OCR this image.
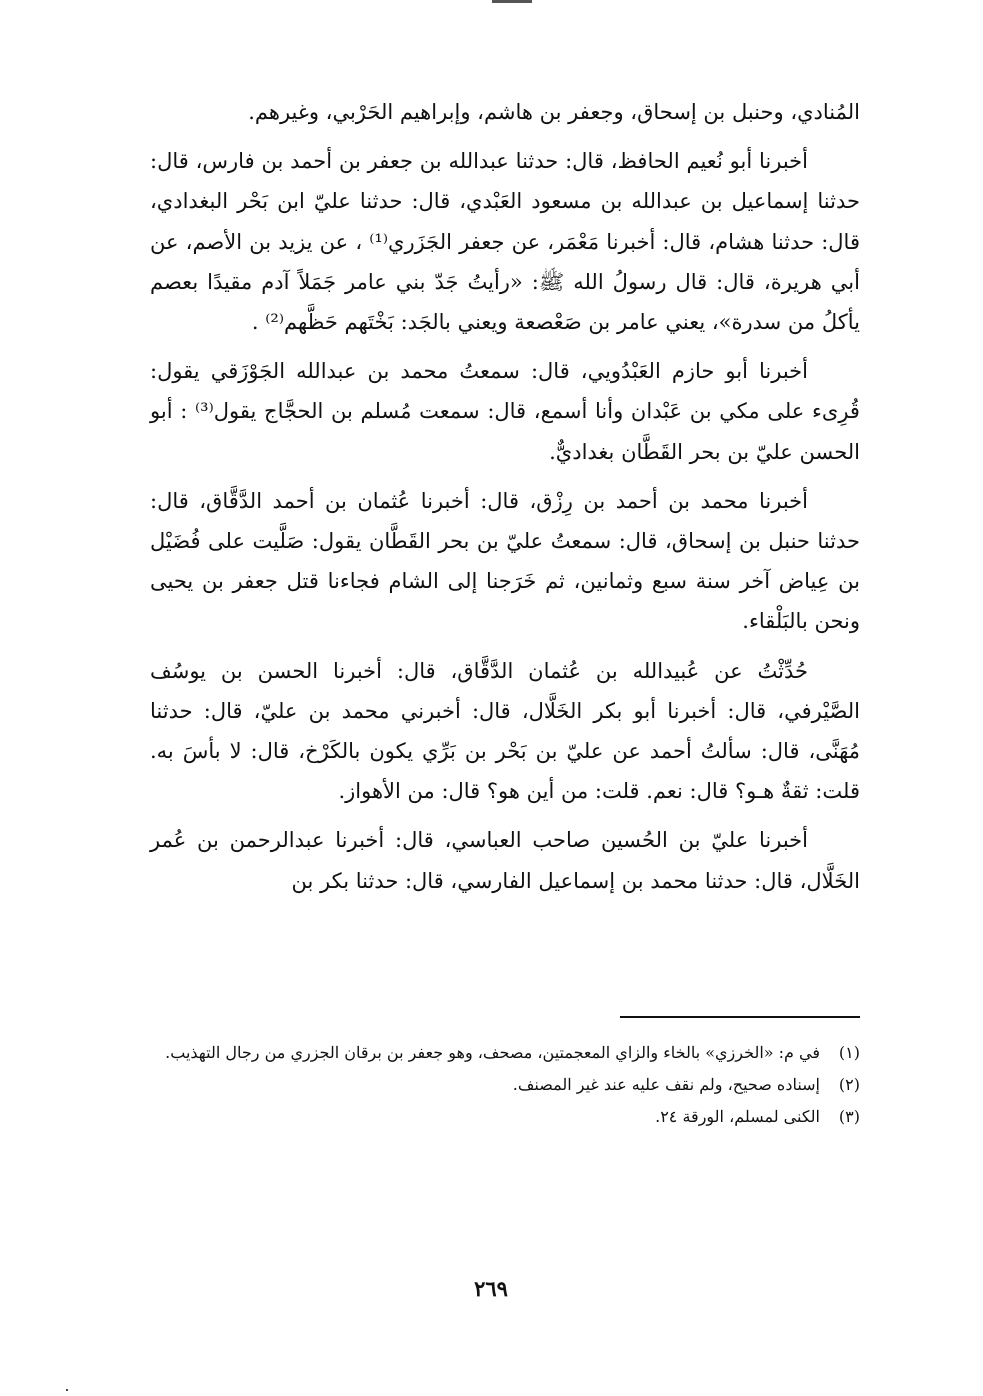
المُنادي، وحنبل بن إسحاق، وجعفر بن هاشم، وإبراهيم الحَرْبي، وغيرهم.

أخبرنا أبو نُعيم الحافظ، قال: حدثنا عبدالله بن جعفر بن أحمد بن فارس، قال: حدثنا إسماعيل بن عبدالله بن مسعود العَبْدي، قال: حدثنا عليّ ابن بَحْر البغدادي، قال: حدثنا هشام، قال: أخبرنا مَعْمَر، عن جعفر الجَزَري⁽¹⁾ ، عن يزيد بن الأصم، عن أبي هريرة، قال: قال رسولُ الله ﷺ: «رأيتُ جَدّ بني عامر جَمَلاً آدم مقيدًا بعصم يأكلُ من سدرة»، يعني عامر بن صَعْصعة ويعني بالجَد: بَخْتَهم حَظَّهم⁽²⁾ .

أخبرنا أبو حازم العَبْدُويي، قال: سمعتُ محمد بن عبدالله الجَوْزَقي يقول: قُرِىء على مكي بن عَبْدان وأنا أسمع، قال: سمعت مُسلم بن الحجَّاج يقول⁽³⁾ : أبو الحسن عليّ بن بحر القَطَّان بغداديٌّ.

أخبرنا محمد بن أحمد بن رِزْق، قال: أخبرنا عُثمان بن أحمد الدَّقَّاق، قال: حدثنا حنبل بن إسحاق، قال: سمعتُ عليّ بن بحر القَطَّان يقول: صَلَّيت على فُضَيْل بن عِياض آخر سنة سبع وثمانين، ثم خَرَجنا إلى الشام فجاءنا قتل جعفر بن يحيى ونحن بالبَلْقاء.

حُدِّثْتُ عن عُبيدالله بن عُثمان الدَّقَّاق، قال: أخبرنا الحسن بن يوسُف الصَّيْرفي، قال: أخبرنا أبو بكر الخَلَّال، قال: أخبرني محمد بن عليّ، قال: حدثنا مُهَنَّى، قال: سألتُ أحمد عن عليّ بن بَحْر بن بَرِّي يكون بالكَرْخ، قال: لا بأسَ به. قلت: ثقةٌ هـو؟ قال: نعم. قلت: من أين هو؟ قال: من الأهواز.

أخبرنا عليّ بن الحُسين صاحب العباسي، قال: أخبرنا عبدالرحمن بن عُمر الخَلَّال، قال: حدثنا محمد بن إسماعيل الفارسي، قال: حدثنا بكر بن

(١)
في م: «الخرزي» بالخاء والزاي المعجمتين، مصحف، وهو جعفر بن برقان الجزري من رجال التهذيب.
(٢)
إسناده صحيح، ولم نقف عليه عند غير المصنف.
(٣)
الكنى لمسلم، الورقة ٢٤.
٢٦٩
